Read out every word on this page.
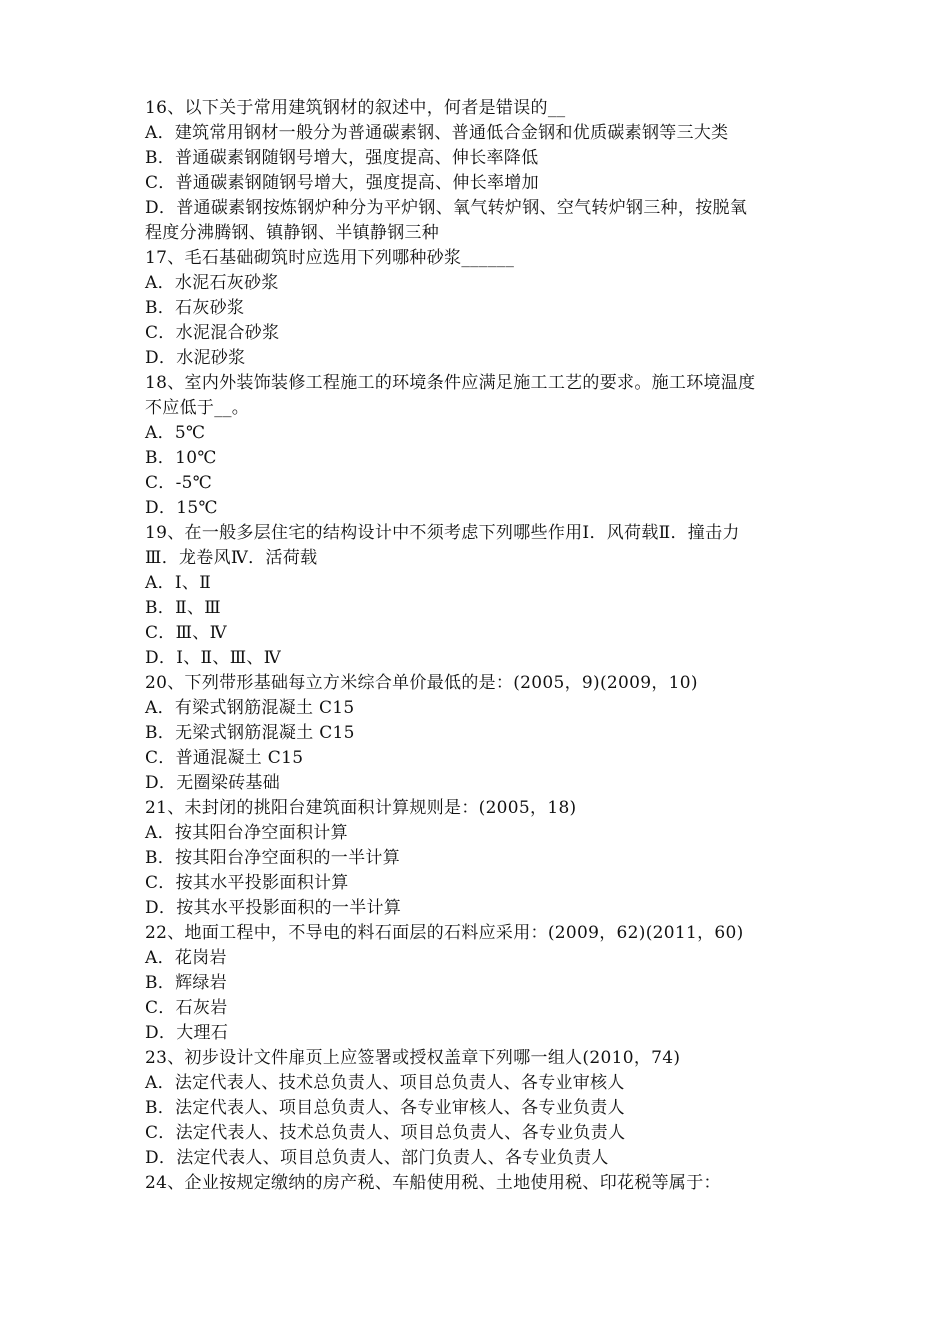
16、以下关于常用建筑钢材的叙述中，何者是错误的__
A．建筑常用钢材一般分为普通碳素钢、普通低合金钢和优质碳素钢等三大类
B．普通碳素钢随钢号增大，强度提高、伸长率降低
C．普通碳素钢随钢号增大，强度提高、伸长率增加
D．普通碳素钢按炼钢炉种分为平炉钢、氧气转炉钢、空气转炉钢三种，按脱氧
程度分沸腾钢、镇静钢、半镇静钢三种
17、毛石基础砌筑时应选用下列哪种砂浆______
A．水泥石灰砂浆
B．石灰砂浆
C．水泥混合砂浆
D．水泥砂浆
18、室内外装饰装修工程施工的环境条件应满足施工工艺的要求。施工环境温度
不应低于__。
A．5℃
B．10℃
C．-5℃
D．15℃
19、在一般多层住宅的结构设计中不须考虑下列哪些作用Ⅰ．风荷载Ⅱ．撞击力
Ⅲ．龙卷风Ⅳ．活荷载
A．Ⅰ、Ⅱ
B．Ⅱ、Ⅲ
C．Ⅲ、Ⅳ
D．Ⅰ、Ⅱ、Ⅲ、Ⅳ
20、下列带形基础每立方米综合单价最低的是：(2005，9)(2009，10)
A．有梁式钢筋混凝土 C15
B．无梁式钢筋混凝土 C15
C．普通混凝土 C15
D．无圈梁砖基础
21、未封闭的挑阳台建筑面积计算规则是：(2005，18)
A．按其阳台净空面积计算
B．按其阳台净空面积的一半计算
C．按其水平投影面积计算
D．按其水平投影面积的一半计算
22、地面工程中，不导电的料石面层的石料应采用：(2009，62)(2011，60)
A．花岗岩
B．辉绿岩
C．石灰岩
D．大理石
23、初步设计文件扉页上应签署或授权盖章下列哪一组人(2010，74)
A．法定代表人、技术总负责人、项目总负责人、各专业审核人
B．法定代表人、项目总负责人、各专业审核人、各专业负责人
C．法定代表人、技术总负责人、项目总负责人、各专业负责人
D．法定代表人、项目总负责人、部门负责人、各专业负责人
24、企业按规定缴纳的房产税、车船使用税、土地使用税、印花税等属于：
